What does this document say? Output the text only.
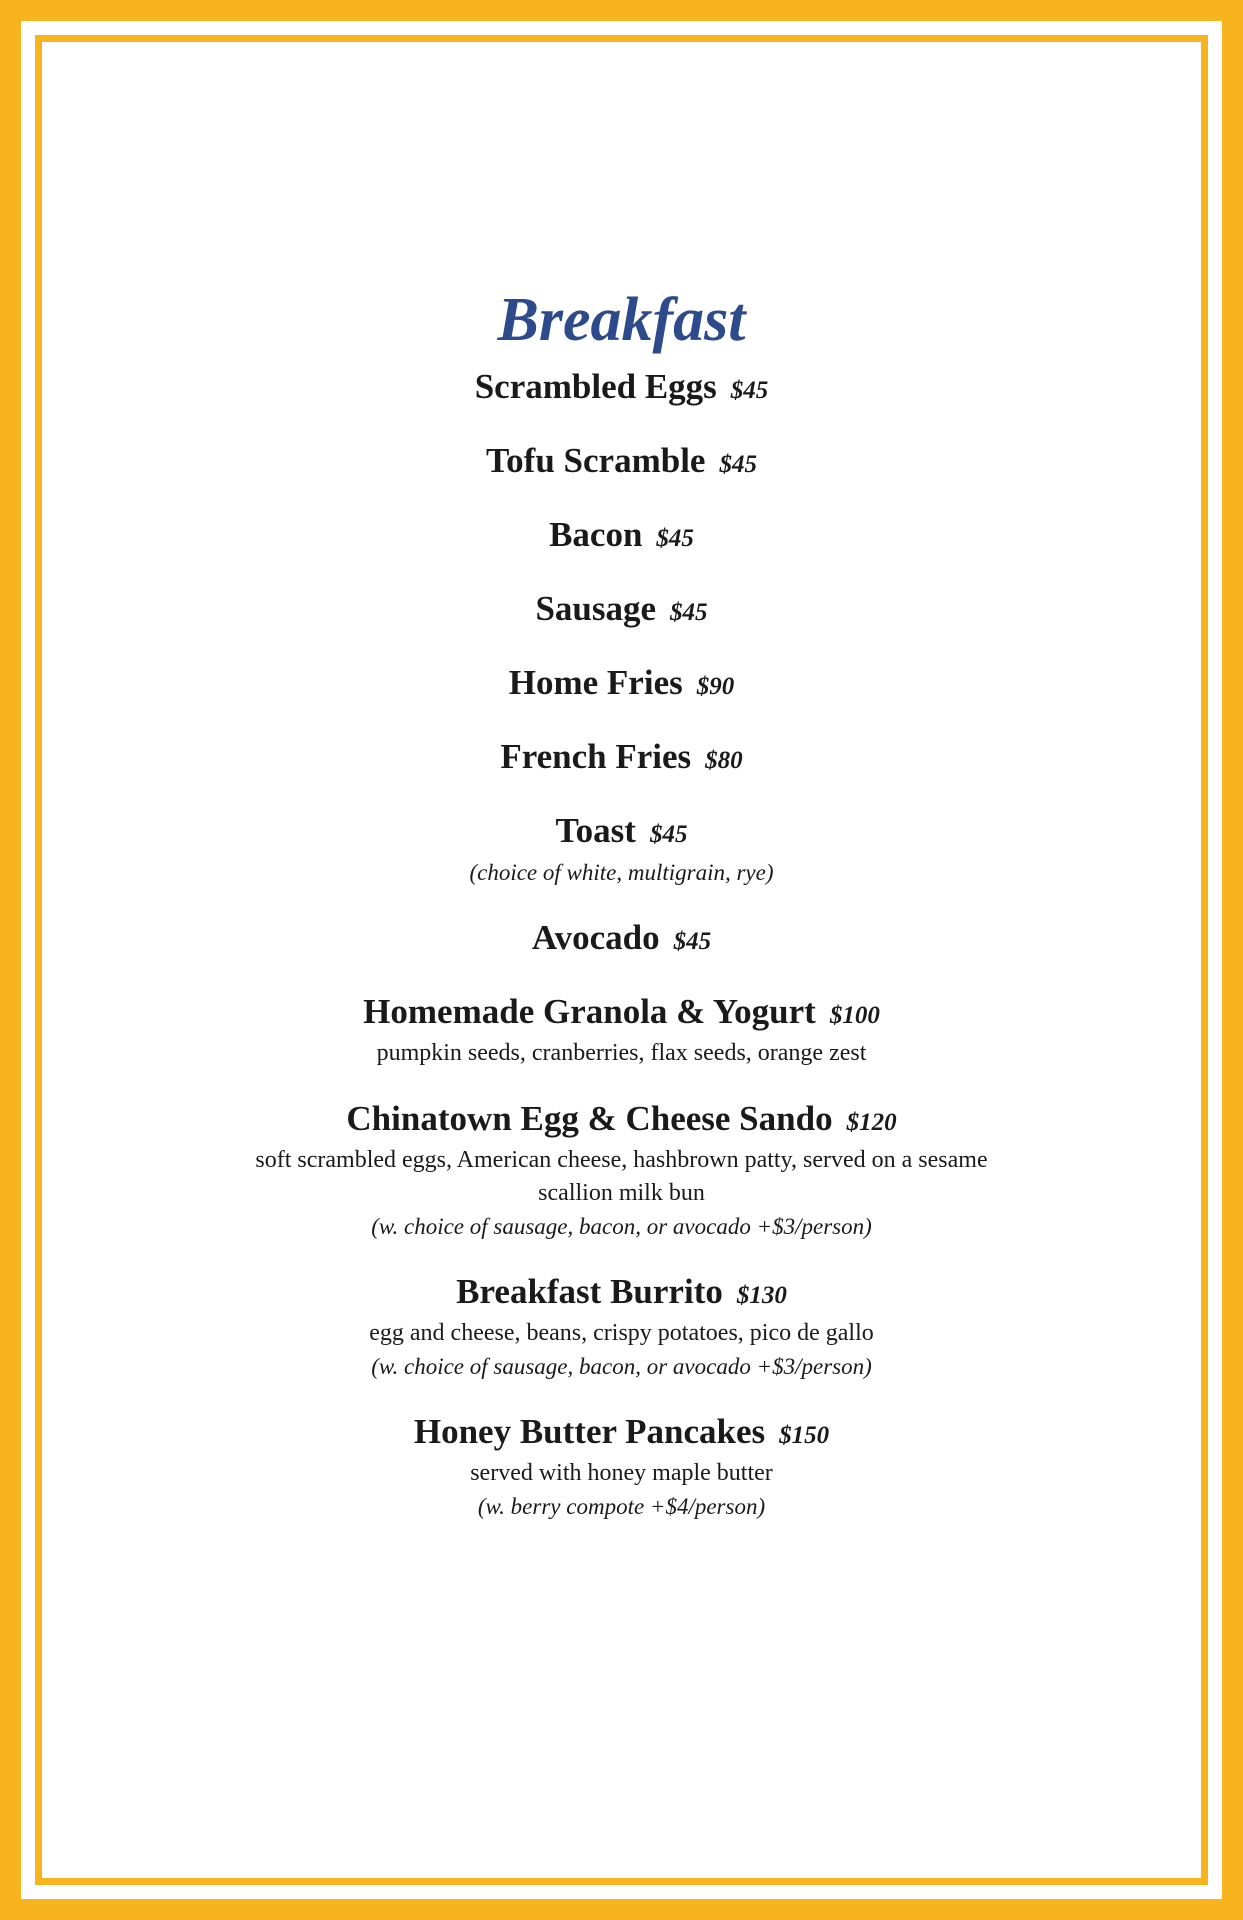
Breakfast
Scrambled Eggs $45
Tofu Scramble $45
Bacon $45
Sausage $45
Home Fries $90
French Fries $80
Toast $45
(choice of white, multigrain, rye)
Avocado $45
Homemade Granola & Yogurt $100
pumpkin seeds, cranberries, flax seeds, orange zest
Chinatown Egg & Cheese Sando $120
soft scrambled eggs, American cheese, hashbrown patty, served on a sesame scallion milk bun
(w. choice of sausage, bacon, or avocado +$3/person)
Breakfast Burrito $130
egg and cheese, beans, crispy potatoes, pico de gallo
(w. choice of sausage, bacon, or avocado +$3/person)
Honey Butter Pancakes $150
served with honey maple butter
(w. berry compote +$4/person)
